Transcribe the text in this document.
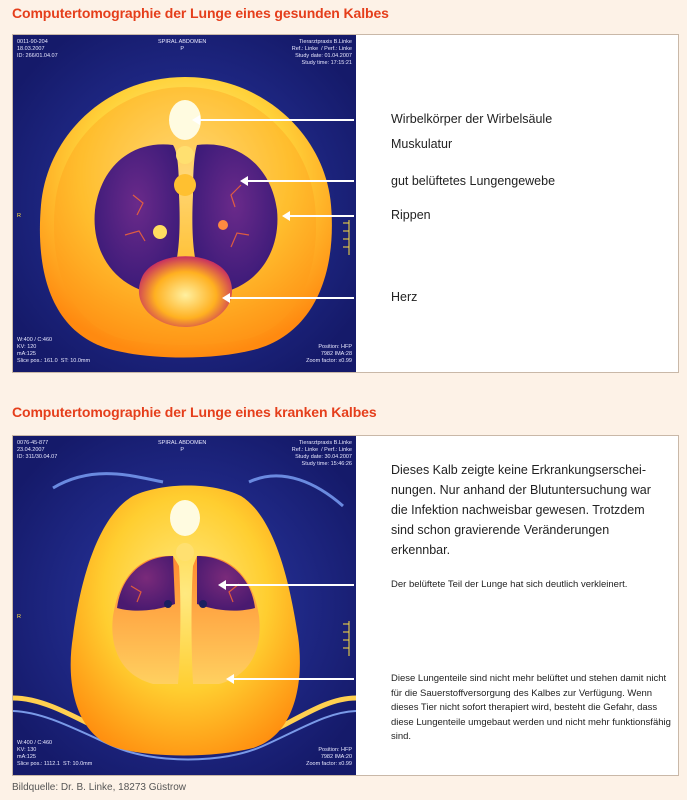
Computertomographie der Lunge eines gesunden Kalbes
0011-90-204
18.03.2007
ID: 266/01.04.07
SPIRAL ABDOMEN
P
Tierarztpraxis B.Linke
Ref.: Linke  / Perf.: Linke
Study date: 01.04.2007
Study time: 17:15:21
R
W:400 / C:460
KV: 120
mA:125
Slice pos.: 161.0  ST: 10.0mm
Position: HFP
7982 IMA:28
Zoom factor: x0.99
Wirbelkörper der Wirbelsäule
Muskulatur
gut belüftetes Lungengewebe
Rippen
Herz
Computertomographie der Lunge eines kranken Kalbes
0076-45-877
23.04.2007
ID: 311/30.04.07
SPIRAL ABDOMEN
P
Tierarztpraxis B.Linke
Ref.: Linke  / Perf.: Linke
Study date: 30.04.2007
Study time: 15:46:26
R
W:400 / C:460
KV: 130
mA:125
Slice pos.: 1112.1  ST: 10.0mm
Position: HFP
7982 IMA:20
Zoom factor: x0.99
Dieses Kalb zeigte keine Erkrankungserscheinungen. Nur anhand der Blutuntersuchung war die Infektion nachweisbar gewesen. Trotzdem sind schon gravierende Veränderungen erkennbar.
Der belüftete Teil der Lunge hat sich deutlich verkleinert.
Diese Lungenteile sind nicht mehr belüftet und stehen damit nicht für die Sauerstoffversorgung des Kalbes zur Verfügung. Wenn dieses Tier nicht sofort therapiert wird, besteht die Gefahr, dass diese Lungenteile umgebaut werden und nicht mehr funktionsfähig sind.
Bildquelle: Dr. B. Linke, 18273 Güstrow
